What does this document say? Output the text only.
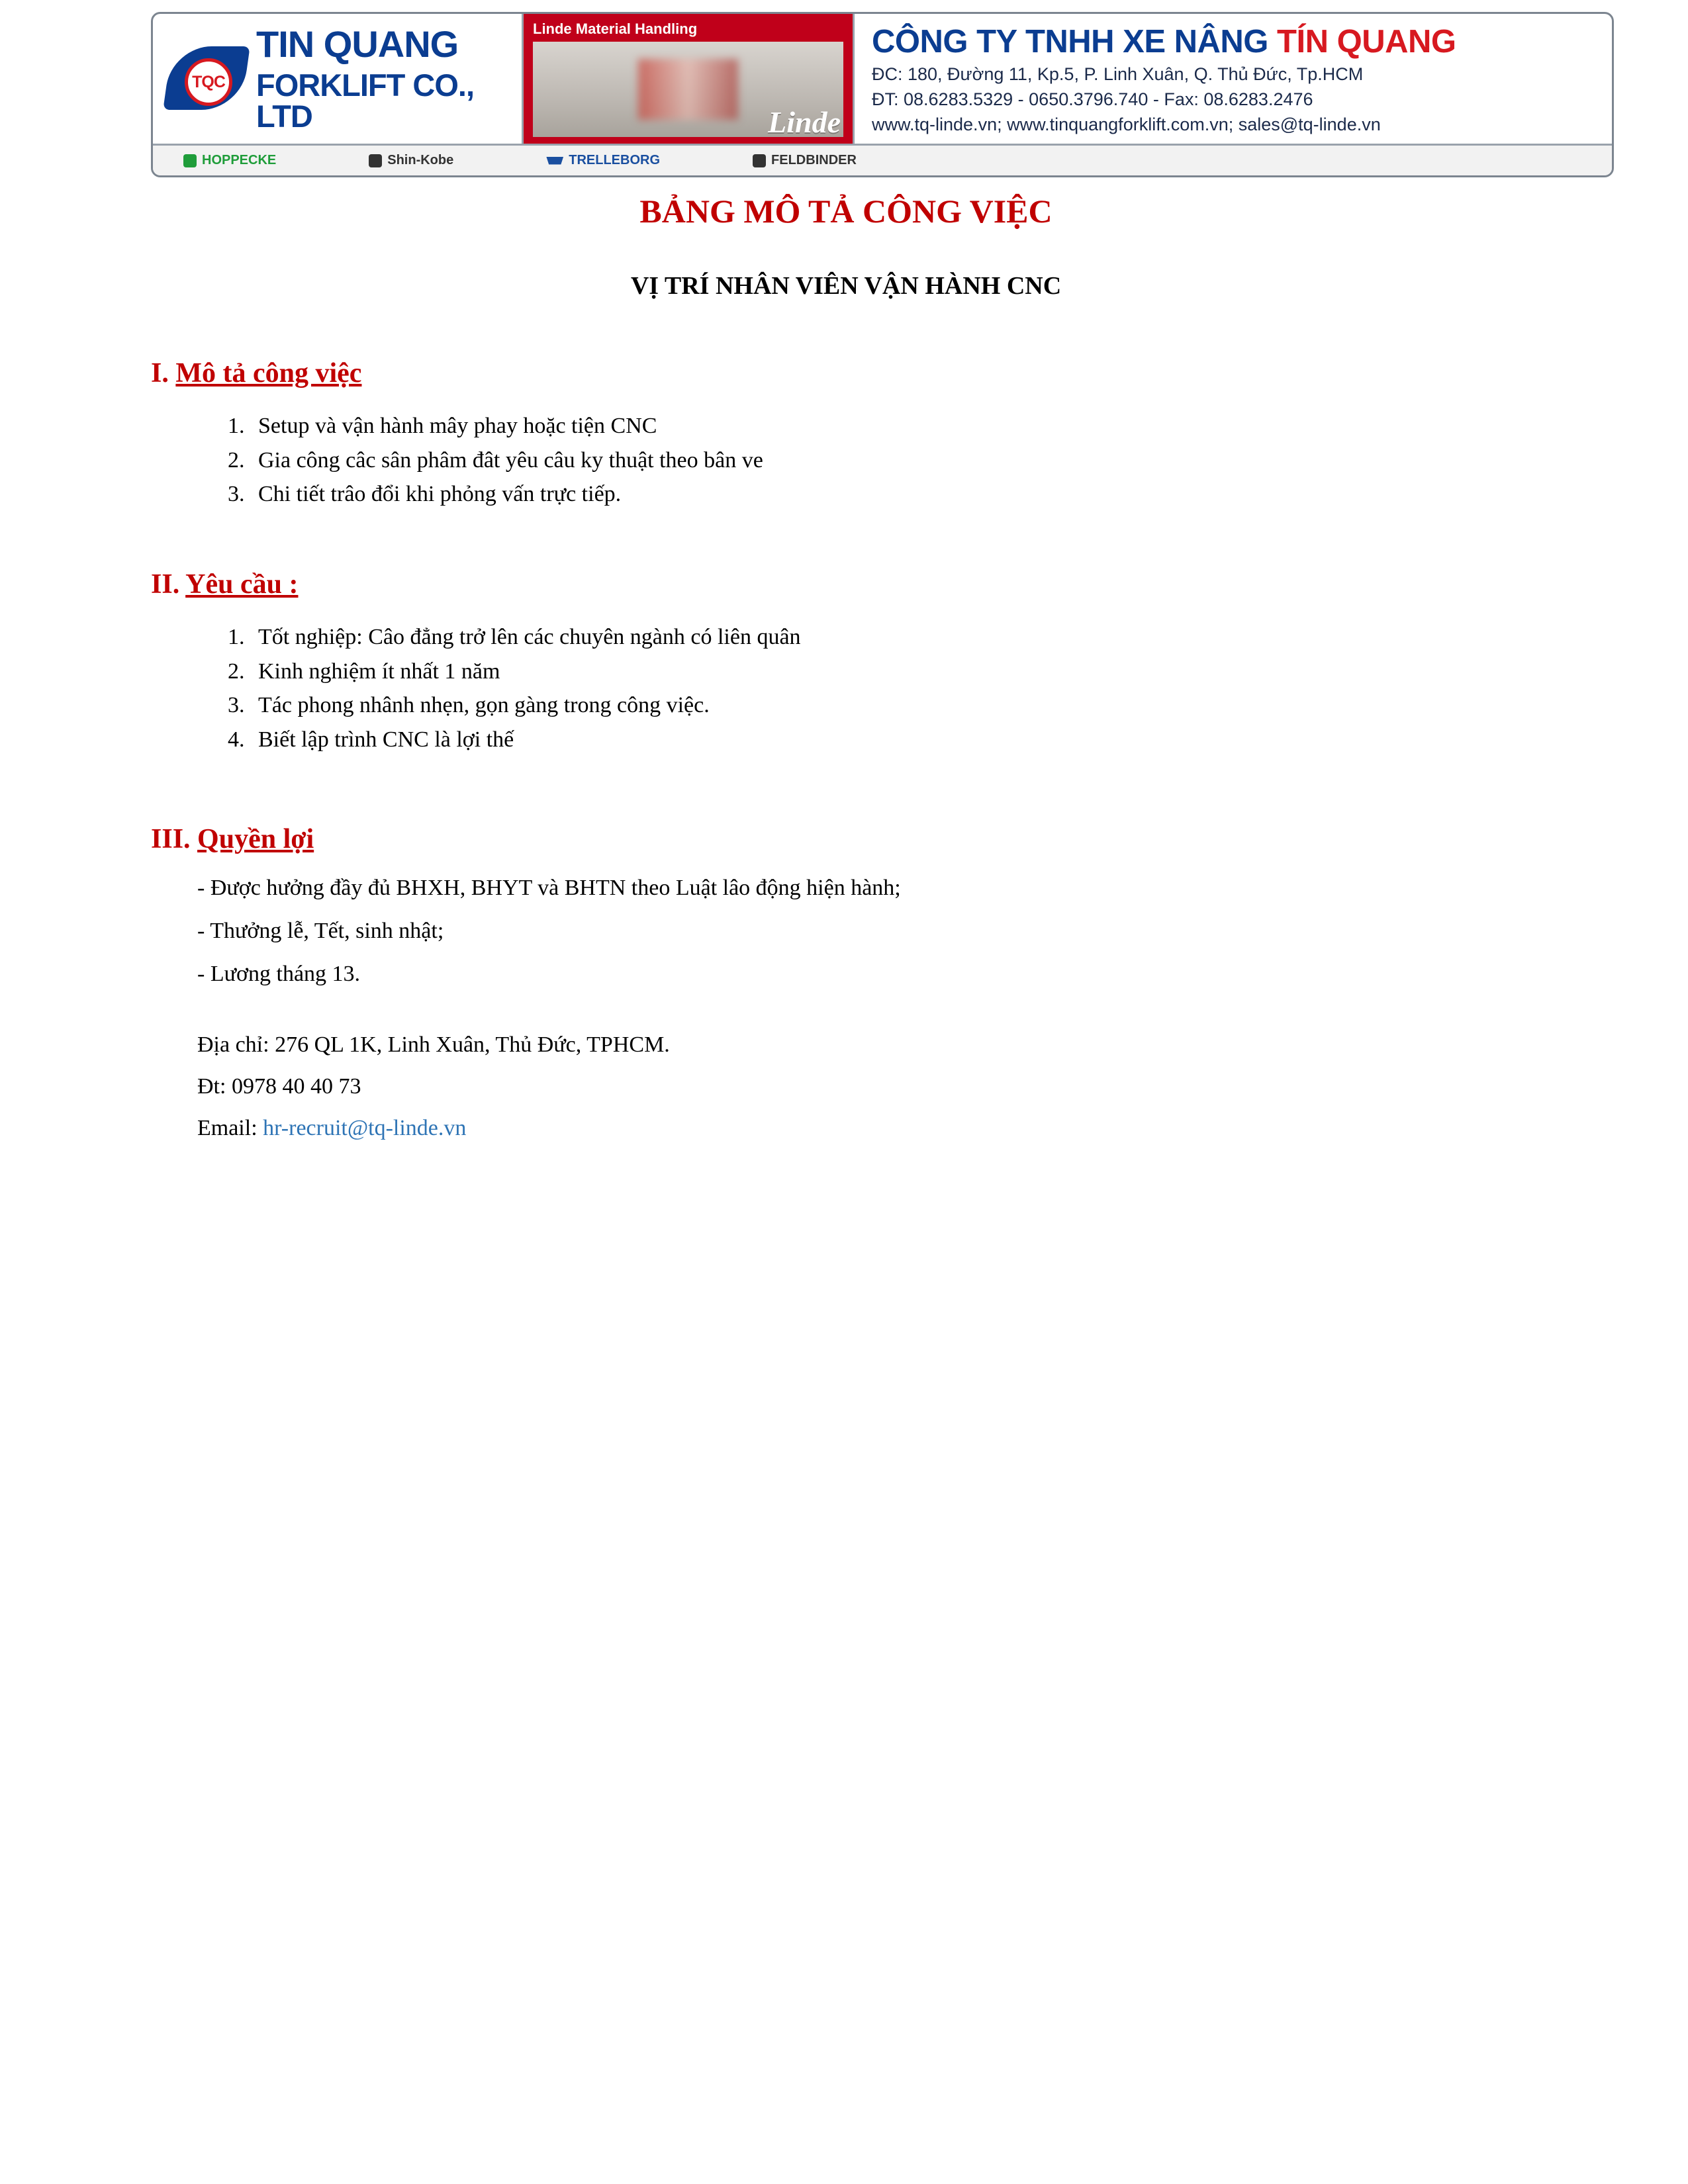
TQC
TIN QUANG
FORKLIFT CO., LTD
Linde Material Handling
Linde
CÔNG TY TNHH XE NÂNG TÍN QUANG
ĐC: 180, Đường 11, Kp.5, P. Linh Xuân, Q. Thủ Đức, Tp.HCM
ĐT: 08.6283.5329 - 0650.3796.740 - Fax: 08.6283.2476
www.tq-linde.vn; www.tinquangforklift.com.vn; sales@tq-linde.vn
HOPPECKE	Shin-Kobe	TRELLEBORG	FELDBINDER
BẢNG MÔ TẢ CÔNG VIỆC
VỊ TRÍ NHÂN VIÊN VẬN HÀNH CNC
I. Mô tả công việc
1. Setup và vận hành mây phay hoặc tiện CNC
2. Gia công câc sân phâm đât yêu câu ky thuật theo bân ve
3. Chi tiết trâo đổi khi phỏng vấn trực tiếp.
II. Yêu cầu :
1. Tốt nghiệp: Câo đẳng trở lên các chuyên ngành có liên quân
2. Kinh nghiệm ít nhất 1 năm
3. Tác phong nhânh nhẹn, gọn gàng trong công việc.
4. Biết lập trình CNC là lợi thế
III. Quyền lợi
- Được hưởng đầy đủ BHXH, BHYT và BHTN theo Luật lâo động hiện hành;
- Thưởng lễ, Tết, sinh nhật;
- Lương tháng 13.
Địa chỉ: 276 QL 1K, Linh Xuân, Thủ Đức, TPHCM.
Đt: 0978 40 40 73
Email: hr-recruit@tq-linde.vn
